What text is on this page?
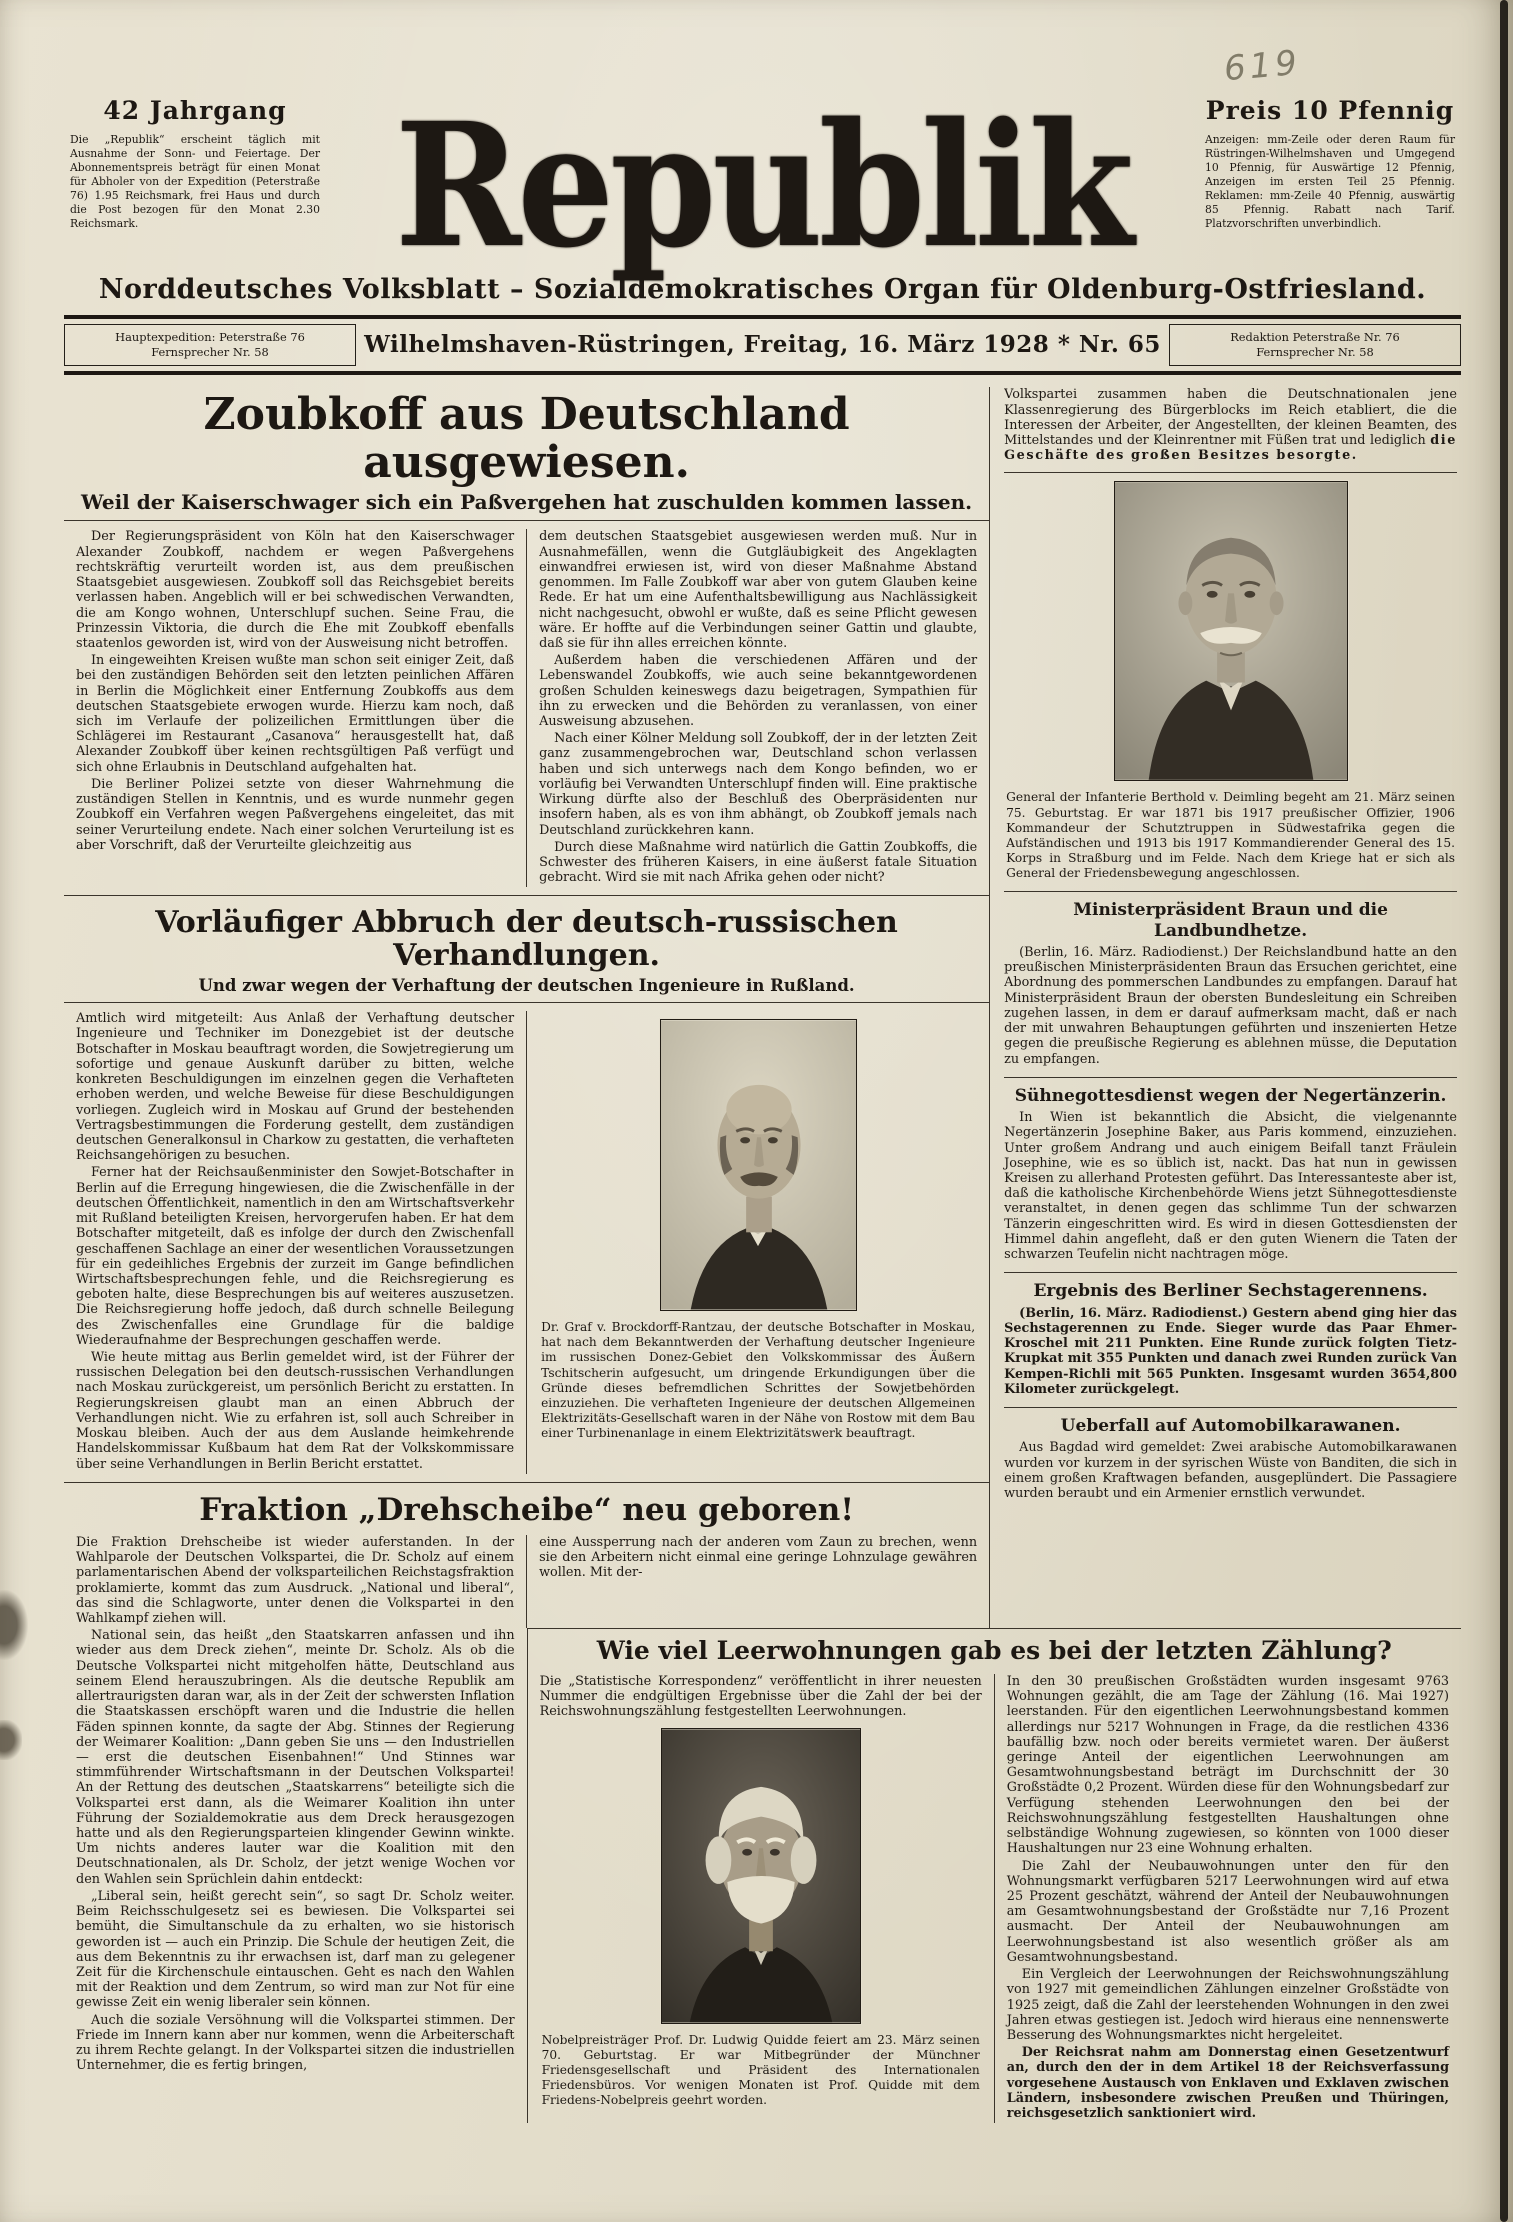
619
42 Jahrgang

Die „Republik“ erscheint täglich mit Ausnahme der Sonn- und Feiertage. Der Abonnementspreis beträgt für einen Monat für Abholer von der Expedition (Peterstraße 76) 1.95 Reichsmark, frei Haus und durch die Post bezogen für den Monat 2.30 Reichsmark.	Republik	Preis 10 Pfennig

Anzeigen: mm-Zeile oder deren Raum für Rüstringen-Wilhelmshaven und Umgegend 10 Pfennig, für Auswärtige 12 Pfennig, Anzeigen im ersten Teil 25 Pfennig. Reklamen: mm-Zeile 40 Pfennig, auswärtig 85 Pfennig. Rabatt nach Tarif. Platzvorschriften unverbindlich.

Norddeutsches Volksblatt – Sozialdemokratisches Organ für Oldenburg-Ostfriesland.
Hauptexpedition: Peterstraße 76
Fernsprecher Nr. 58	Wilhelmshaven-Rüstringen, Freitag, 16. März 1928 * Nr. 65	Redaktion Peterstraße Nr. 76
Fernsprecher Nr. 58
Zoubkoff aus Deutschland ausgewiesen.
Weil der Kaiserschwager sich ein Paßvergehen hat zuschulden kommen lassen.

Der Regierungspräsident von Köln hat den Kaiserschwager Alexander Zoubkoff, nachdem er wegen Paßvergehens rechtskräftig verurteilt worden ist, aus dem preußischen Staatsgebiet ausgewiesen. Zoubkoff soll das Reichsgebiet bereits verlassen haben. Angeblich will er bei schwedischen Verwandten, die am Kongo wohnen, Unterschlupf suchen. Seine Frau, die Prinzessin Viktoria, die durch die Ehe mit Zoubkoff ebenfalls staatenlos geworden ist, wird von der Ausweisung nicht betroffen.

In eingeweihten Kreisen wußte man schon seit einiger Zeit, daß bei den zuständigen Behörden seit den letzten peinlichen Affären in Berlin die Möglichkeit einer Entfernung Zoubkoffs aus dem deutschen Staatsgebiete erwogen wurde. Hierzu kam noch, daß sich im Verlaufe der polizeilichen Ermittlungen über die Schlägerei im Restaurant „Casanova“ herausgestellt hat, daß Alexander Zoubkoff über keinen rechtsgültigen Paß verfügt und sich ohne Erlaubnis in Deutschland aufgehalten hat.

Die Berliner Polizei setzte von dieser Wahrnehmung die zuständigen Stellen in Kenntnis, und es wurde nunmehr gegen Zoubkoff ein Verfahren wegen Paßvergehens eingeleitet, das mit seiner Verurteilung endete. Nach einer solchen Verurteilung ist es aber Vorschrift, daß der Verurteilte gleichzeitig aus

dem deutschen Staatsgebiet ausgewiesen werden muß. Nur in Ausnahmefällen, wenn die Gutgläubigkeit des Angeklagten einwandfrei erwiesen ist, wird von dieser Maßnahme Abstand genommen. Im Falle Zoubkoff war aber von gutem Glauben keine Rede. Er hat um eine Aufenthaltsbewilligung aus Nachlässigkeit nicht nachgesucht, obwohl er wußte, daß es seine Pflicht gewesen wäre. Er hoffte auf die Verbindungen seiner Gattin und glaubte, daß sie für ihn alles erreichen könnte.

Außerdem haben die verschiedenen Affären und der Lebenswandel Zoubkoffs, wie auch seine bekanntgewordenen großen Schulden keineswegs dazu beigetragen, Sympathien für ihn zu erwecken und die Behörden zu veranlassen, von einer Ausweisung abzusehen.

Nach einer Kölner Meldung soll Zoubkoff, der in der letzten Zeit ganz zusammengebrochen war, Deutschland schon verlassen haben und sich unterwegs nach dem Kongo befinden, wo er vorläufig bei Verwandten Unterschlupf finden will. Eine praktische Wirkung dürfte also der Beschluß des Oberpräsidenten nur insofern haben, als es von ihm abhängt, ob Zoubkoff jemals nach Deutschland zurückkehren kann.

Durch diese Maßnahme wird natürlich die Gattin Zoubkoffs, die Schwester des früheren Kaisers, in eine äußerst fatale Situation gebracht. Wird sie mit nach Afrika gehen oder nicht?

Volkspartei zusammen haben die Deutschnationalen jene Klassenregierung des Bürgerblocks im Reich etabliert, die die Interessen der Arbeiter, der Angestellten, der kleinen Beamten, des Mittelstandes und der Kleinrentner mit Füßen trat und lediglich die Geschäfte des großen Besitzes besorgte.

General der Infanterie Berthold v. Deimling begeht am 21. März seinen 75. Geburtstag. Er war 1871 bis 1917 preußischer Offizier, 1906 Kommandeur der Schutztruppen in Südwestafrika gegen die Aufständischen und 1913 bis 1917 Kommandierender General des 15. Korps in Straßburg und im Felde. Nach dem Kriege hat er sich als General der Friedensbewegung angeschlossen.

Ministerpräsident Braun und die Landbundhetze.

(Berlin, 16. März. Radiodienst.) Der Reichslandbund hatte an den preußischen Ministerpräsidenten Braun das Ersuchen gerichtet, eine Abordnung des pommerschen Landbundes zu empfangen. Darauf hat Ministerpräsident Braun der obersten Bundesleitung ein Schreiben zugehen lassen, in dem er darauf aufmerksam macht, daß er nach der mit unwahren Behauptungen geführten und inszenierten Hetze gegen die preußische Regierung es ablehnen müsse, die Deputation zu empfangen.

Sühnegottesdienst wegen der Negertänzerin.

In Wien ist bekanntlich die Absicht, die vielgenannte Negertänzerin Josephine Baker, aus Paris kommend, einzuziehen. Unter großem Andrang und auch einigem Beifall tanzt Fräulein Josephine, wie es so üblich ist, nackt. Das hat nun in gewissen Kreisen zu allerhand Protesten geführt. Das Interessanteste aber ist, daß die katholische Kirchenbehörde Wiens jetzt Sühnegottesdienste veranstaltet, in denen gegen das schlimme Tun der schwarzen Tänzerin eingeschritten wird. Es wird in diesen Gottesdiensten der Himmel dahin angefleht, daß er den guten Wienern die Taten der schwarzen Teufelin nicht nachtragen möge.

Ergebnis des Berliner Sechstagerennens.

(Berlin, 16. März. Radiodienst.) Gestern abend ging hier das Sechstagerennen zu Ende. Sieger wurde das Paar Ehmer-Kroschel mit 211 Punkten. Eine Runde zurück folgten Tietz-Krupkat mit 355 Punkten und danach zwei Runden zurück Van Kempen-Richli mit 565 Punkten. Insgesamt wurden 3654,800 Kilometer zurückgelegt.

Ueberfall auf Automobilkarawanen.

Aus Bagdad wird gemeldet: Zwei arabische Automobilkarawanen wurden vor kurzem in der syrischen Wüste von Banditen, die sich in einem großen Kraftwagen befanden, ausgeplündert. Die Passagiere wurden beraubt und ein Armenier ernstlich verwundet.

Vorläufiger Abbruch der deutsch-russischen Verhandlungen.
Und zwar wegen der Verhaftung der deutschen Ingenieure in Rußland.

Amtlich wird mitgeteilt: Aus Anlaß der Verhaftung deutscher Ingenieure und Techniker im Donezgebiet ist der deutsche Botschafter in Moskau beauftragt worden, die Sowjetregierung um sofortige und genaue Auskunft darüber zu bitten, welche konkreten Beschuldigungen im einzelnen gegen die Verhafteten erhoben werden, und welche Beweise für diese Beschuldigungen vorliegen. Zugleich wird in Moskau auf Grund der bestehenden Vertragsbestimmungen die Forderung gestellt, dem zuständigen deutschen Generalkonsul in Charkow zu gestatten, die verhafteten Reichsangehörigen zu besuchen.

Ferner hat der Reichsaußenminister den Sowjet-Botschafter in Berlin auf die Erregung hingewiesen, die die Zwischenfälle in der deutschen Öffentlichkeit, namentlich in den am Wirtschaftsverkehr mit Rußland beteiligten Kreisen, hervorgerufen haben. Er hat dem Botschafter mitgeteilt, daß es infolge der durch den Zwischenfall geschaffenen Sachlage an einer der wesentlichen Voraussetzungen für ein gedeihliches Ergebnis der zurzeit im Gange befindlichen Wirtschaftsbesprechungen fehle, und die Reichsregierung es geboten halte, diese Besprechungen bis auf weiteres auszusetzen. Die Reichsregierung hoffe jedoch, daß durch schnelle Beilegung des Zwischenfalles eine Grundlage für die baldige Wiederaufnahme der Besprechungen geschaffen werde.

Wie heute mittag aus Berlin gemeldet wird, ist der Führer der russischen Delegation bei den deutsch-russischen Verhandlungen nach Moskau zurückgereist, um persönlich Bericht zu erstatten. In Regierungskreisen glaubt man an einen Abbruch der Verhandlungen nicht. Wie zu erfahren ist, soll auch Schreiber in Moskau bleiben. Auch der aus dem Auslande heimkehrende Handelskommissar Kußbaum hat dem Rat der Volkskommissare über seine Verhandlungen in Berlin Bericht erstattet.

Dr. Graf v. Brockdorff-Rantzau, der deutsche Botschafter in Moskau, hat nach dem Bekanntwerden der Verhaftung deutscher Ingenieure im russischen Donez-Gebiet den Volkskommissar des Äußern Tschitscherin aufgesucht, um dringende Erkundigungen über die Gründe dieses befremdlichen Schrittes der Sowjetbehörden einzuziehen. Die verhafteten Ingenieure der deutschen Allgemeinen Elektrizitäts-Gesellschaft waren in der Nähe von Rostow mit dem Bau einer Turbinenanlage in einem Elektrizitätswerk beauftragt.

Fraktion „Drehscheibe“ neu geboren!

Die Fraktion Drehscheibe ist wieder auferstanden. In der Wahlparole der Deutschen Volkspartei, die Dr. Scholz auf einem parlamentarischen Abend der volksparteilichen Reichstagsfraktion proklamierte, kommt das zum Ausdruck. „National und liberal“, das sind die Schlagworte, unter denen die Volkspartei in den Wahlkampf ziehen will.

eine Aussperrung nach der anderen vom Zaun zu brechen, wenn sie den Arbeitern nicht einmal eine geringe Lohnzulage gewähren wollen. Mit der-

National sein, das heißt „den Staatskarren anfassen und ihn wieder aus dem Dreck ziehen“, meinte Dr. Scholz. Als ob die Deutsche Volkspartei nicht mitgeholfen hätte, Deutschland aus seinem Elend herauszubringen. Als die deutsche Republik am allertraurigsten daran war, als in der Zeit der schwersten Inflation die Staatskassen erschöpft waren und die Industrie die hellen Fäden spinnen konnte, da sagte der Abg. Stinnes der Regierung der Weimarer Koalition: „Dann geben Sie uns — den Industriellen — erst die deutschen Eisenbahnen!“ Und Stinnes war stimmführender Wirtschaftsmann in der Deutschen Volkspartei! An der Rettung des deutschen „Staatskarrens“ beteiligte sich die Volkspartei erst dann, als die Weimarer Koalition ihn unter Führung der Sozialdemokratie aus dem Dreck herausgezogen hatte und als den Regierungsparteien klingender Gewinn winkte. Um nichts anderes lauter war die Koalition mit den Deutschnationalen, als Dr. Scholz, der jetzt wenige Wochen vor den Wahlen sein Sprüchlein dahin entdeckt:

„Liberal sein, heißt gerecht sein“, so sagt Dr. Scholz weiter. Beim Reichsschulgesetz sei es bewiesen. Die Volkspartei sei bemüht, die Simultanschule da zu erhalten, wo sie historisch geworden ist — auch ein Prinzip. Die Schule der heutigen Zeit, die aus dem Bekenntnis zu ihr erwachsen ist, darf man zu gelegener Zeit für die Kirchenschule eintauschen. Geht es nach den Wahlen mit der Reaktion und dem Zentrum, so wird man zur Not für eine gewisse Zeit ein wenig liberaler sein können.

Auch die soziale Versöhnung will die Volkspartei stimmen. Der Friede im Innern kann aber nur kommen, wenn die Arbeiterschaft zu ihrem Rechte gelangt. In der Volkspartei sitzen die industriellen Unternehmer, die es fertig bringen,

Wie viel Leerwohnungen gab es bei der letzten Zählung?

Die „Statistische Korrespondenz“ veröffentlicht in ihrer neuesten Nummer die endgültigen Ergebnisse über die Zahl der bei der Reichswohnungszählung festgestellten Leerwohnungen.

Nobelpreisträger Prof. Dr. Ludwig Quidde feiert am 23. März seinen 70. Geburtstag. Er war Mitbegründer der Münchner Friedensgesellschaft und Präsident des Internationalen Friedensbüros. Vor wenigen Monaten ist Prof. Quidde mit dem Friedens-Nobelpreis geehrt worden.

In den 30 preußischen Großstädten wurden insgesamt 9763 Wohnungen gezählt, die am Tage der Zählung (16. Mai 1927) leerstanden. Für den eigentlichen Leerwohnungsbestand kommen allerdings nur 5217 Wohnungen in Frage, da die restlichen 4336 baufällig bzw. noch oder bereits vermietet waren. Der äußerst geringe Anteil der eigentlichen Leerwohnungen am Gesamtwohnungsbestand beträgt im Durchschnitt der 30 Großstädte 0,2 Prozent. Würden diese für den Wohnungsbedarf zur Verfügung stehenden Leerwohnungen den bei der Reichswohnungszählung festgestellten Haushaltungen ohne selbständige Wohnung zugewiesen, so könnten von 1000 dieser Haushaltungen nur 23 eine Wohnung erhalten.

Die Zahl der Neubauwohnungen unter den für den Wohnungsmarkt verfügbaren 5217 Leerwohnungen wird auf etwa 25 Prozent geschätzt, während der Anteil der Neubauwohnungen am Gesamtwohnungsbestand der Großstädte nur 7,16 Prozent ausmacht. Der Anteil der Neubauwohnungen am Leerwohnungsbestand ist also wesentlich größer als am Gesamtwohnungsbestand.

Ein Vergleich der Leerwohnungen der Reichswohnungszählung von 1927 mit gemeindlichen Zählungen einzelner Großstädte von 1925 zeigt, daß die Zahl der leerstehenden Wohnungen in den zwei Jahren etwas gestiegen ist. Jedoch wird hieraus eine nennenswerte Besserung des Wohnungsmarktes nicht hergeleitet.

Der Reichsrat nahm am Donnerstag einen Gesetzentwurf an, durch den der in dem Artikel 18 der Reichsverfassung vorgesehene Austausch von Enklaven und Exklaven zwischen Ländern, insbesondere zwischen Preußen und Thüringen, reichsgesetzlich sanktioniert wird.
